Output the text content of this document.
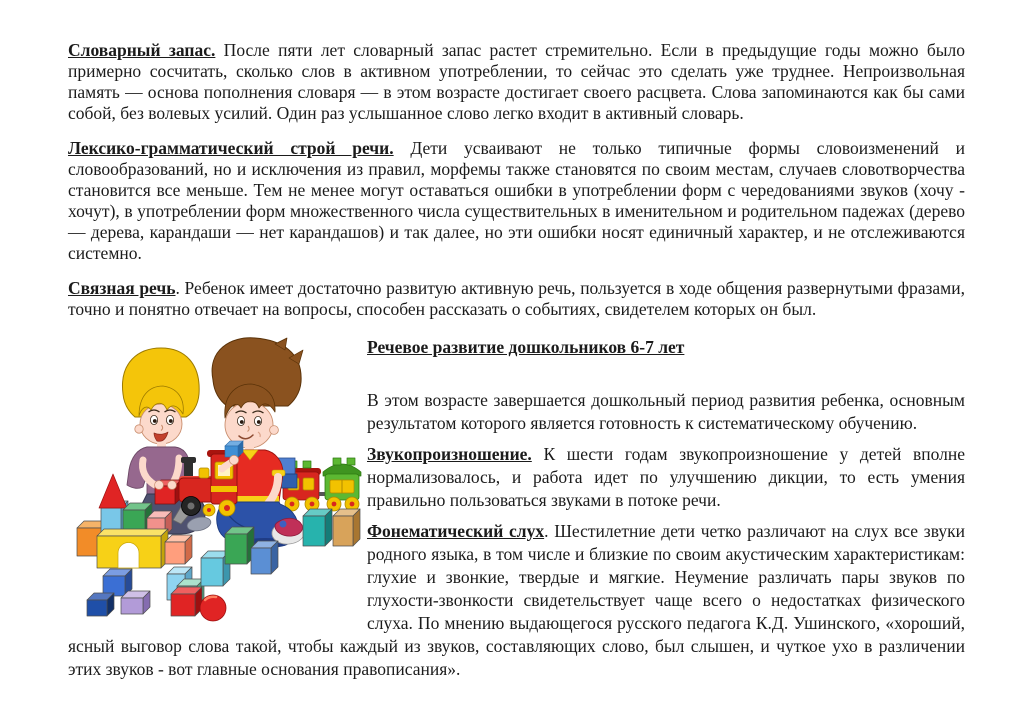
Словарный запас. После пяти лет словарный запас растет стремительно. Если в предыдущие годы можно было примерно сосчитать, сколько слов в активном употреблении, то сейчас это сделать уже труднее. Непроизвольная память — основа пополнения словаря — в этом возрасте достигает своего расцвета. Слова запоминаются как бы сами собой, без волевых усилий. Один раз услышанное слово легко входит в активный словарь.

Лексико-грамматический строй речи. Дети усваивают не только типичные формы словоизменений и словообразований, но и исключения из правил, морфемы также становятся по своим местам, случаев словотворчества становится все меньше. Тем не менее могут оставаться ошибки в употреблении форм с чередованиями звуков (хочу - хочут), в употреблении форм множественного числа существительных в именительном и родительном падежах (дерево — дерева, карандаши — нет карандашов) и так далее, но эти ошибки носят единичный характер, и не отслеживаются системно.

Связная речь. Ребенок имеет достаточно развитую активную речь, пользуется в ходе общения развернутыми фразами, точно и понятно отвечает на вопросы, способен рассказать о событиях, свидетелем которых он был.

Речевое развитие дошкольников 6-7 лет

В этом возрасте завершается дошкольный период развития ребенка, основным результатом которого является готовность к систематическому обучению.

Звукопроизношение. К шести годам звукопроизношение у детей вполне нормализовалось, и работа идет по улучшению дикции, то есть умения правильно пользоваться звуками в потоке речи.

Фонематический слух. Шестилетние дети четко различают на слух все звуки родного языка, в том числе и близкие по своим акустическим характеристикам: глухие и звонкие, твердые и мягкие. Неумение различать пары звуков по глухости-звонкости свидетельствует чаще всего о недостатках физического слуха. По мнению выдающегося русского педагога К.Д. Ушинского, «хороший, ясный выговор слова такой, чтобы каждый из звуков, составляющих слово, был слышен, и чуткое ухо в различении этих звуков - вот главные основания правописания».
